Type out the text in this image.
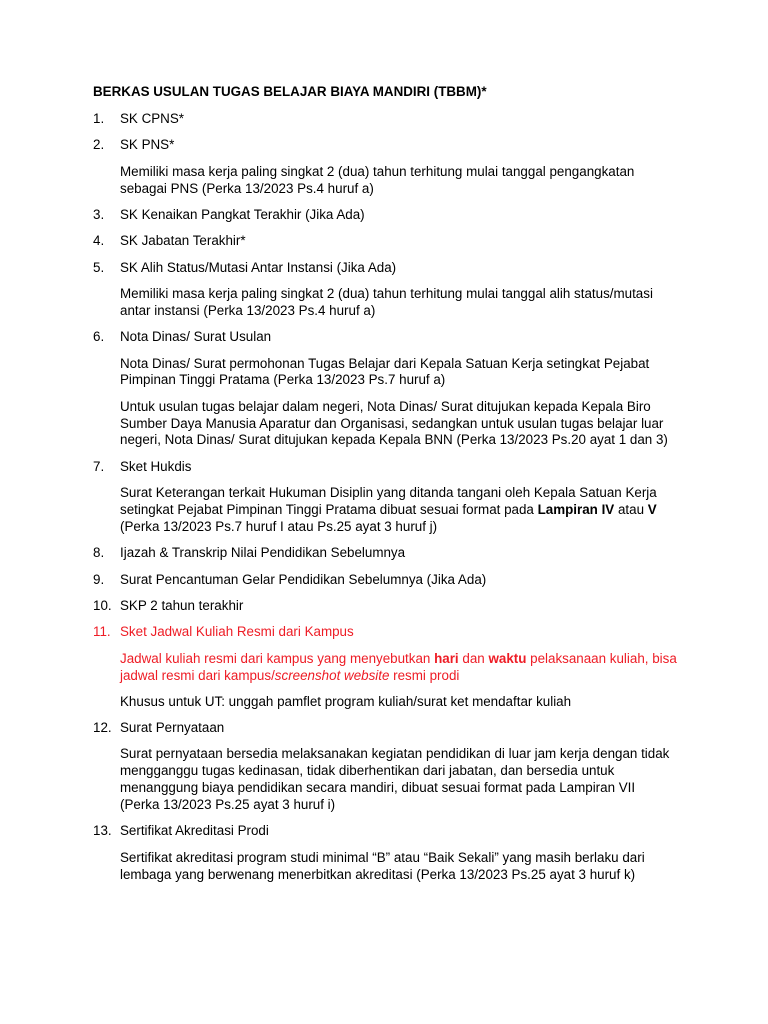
BERKAS USULAN TUGAS BELAJAR BIAYA MANDIRI (TBBM)*
1. SK CPNS*
2. SK PNS*
Memiliki masa kerja paling singkat 2 (dua) tahun terhitung mulai tanggal pengangkatan sebagai PNS (Perka 13/2023 Ps.4 huruf a)
3. SK Kenaikan Pangkat Terakhir (Jika Ada)
4. SK Jabatan Terakhir*
5. SK Alih Status/Mutasi Antar Instansi (Jika Ada)
Memiliki masa kerja paling singkat 2 (dua) tahun terhitung mulai tanggal alih status/mutasi antar instansi (Perka 13/2023 Ps.4 huruf a)
6. Nota Dinas/ Surat Usulan
Nota Dinas/ Surat permohonan Tugas Belajar dari Kepala Satuan Kerja setingkat Pejabat Pimpinan Tinggi Pratama (Perka 13/2023 Ps.7 huruf a)
Untuk usulan tugas belajar dalam negeri, Nota Dinas/ Surat ditujukan kepada Kepala Biro Sumber Daya Manusia Aparatur dan Organisasi, sedangkan untuk usulan tugas belajar luar negeri, Nota Dinas/ Surat ditujukan kepada Kepala BNN (Perka 13/2023 Ps.20 ayat 1 dan 3)
7. Sket Hukdis
Surat Keterangan terkait Hukuman Disiplin yang ditanda tangani oleh Kepala Satuan Kerja setingkat Pejabat Pimpinan Tinggi Pratama dibuat sesuai format pada Lampiran IV atau V (Perka 13/2023 Ps.7 huruf I atau Ps.25 ayat 3 huruf j)
8. Ijazah & Transkrip Nilai Pendidikan Sebelumnya
9. Surat Pencantuman Gelar Pendidikan Sebelumnya (Jika Ada)
10. SKP 2 tahun terakhir
11. Sket Jadwal Kuliah Resmi dari Kampus
Jadwal kuliah resmi dari kampus yang menyebutkan hari dan waktu pelaksanaan kuliah, bisa jadwal resmi dari kampus/screenshot website resmi prodi
Khusus untuk UT: unggah pamflet program kuliah/surat ket mendaftar kuliah
12. Surat Pernyataan
Surat pernyataan bersedia melaksanakan kegiatan pendidikan di luar jam kerja dengan tidak mengganggu tugas kedinasan, tidak diberhentikan dari jabatan, dan bersedia untuk menanggung biaya pendidikan secara mandiri, dibuat sesuai format pada Lampiran VII (Perka 13/2023 Ps.25 ayat 3 huruf i)
13. Sertifikat Akreditasi Prodi
Sertifikat akreditasi program studi minimal “B” atau “Baik Sekali” yang masih berlaku dari lembaga yang berwenang menerbitkan akreditasi (Perka 13/2023 Ps.25 ayat 3 huruf k)
